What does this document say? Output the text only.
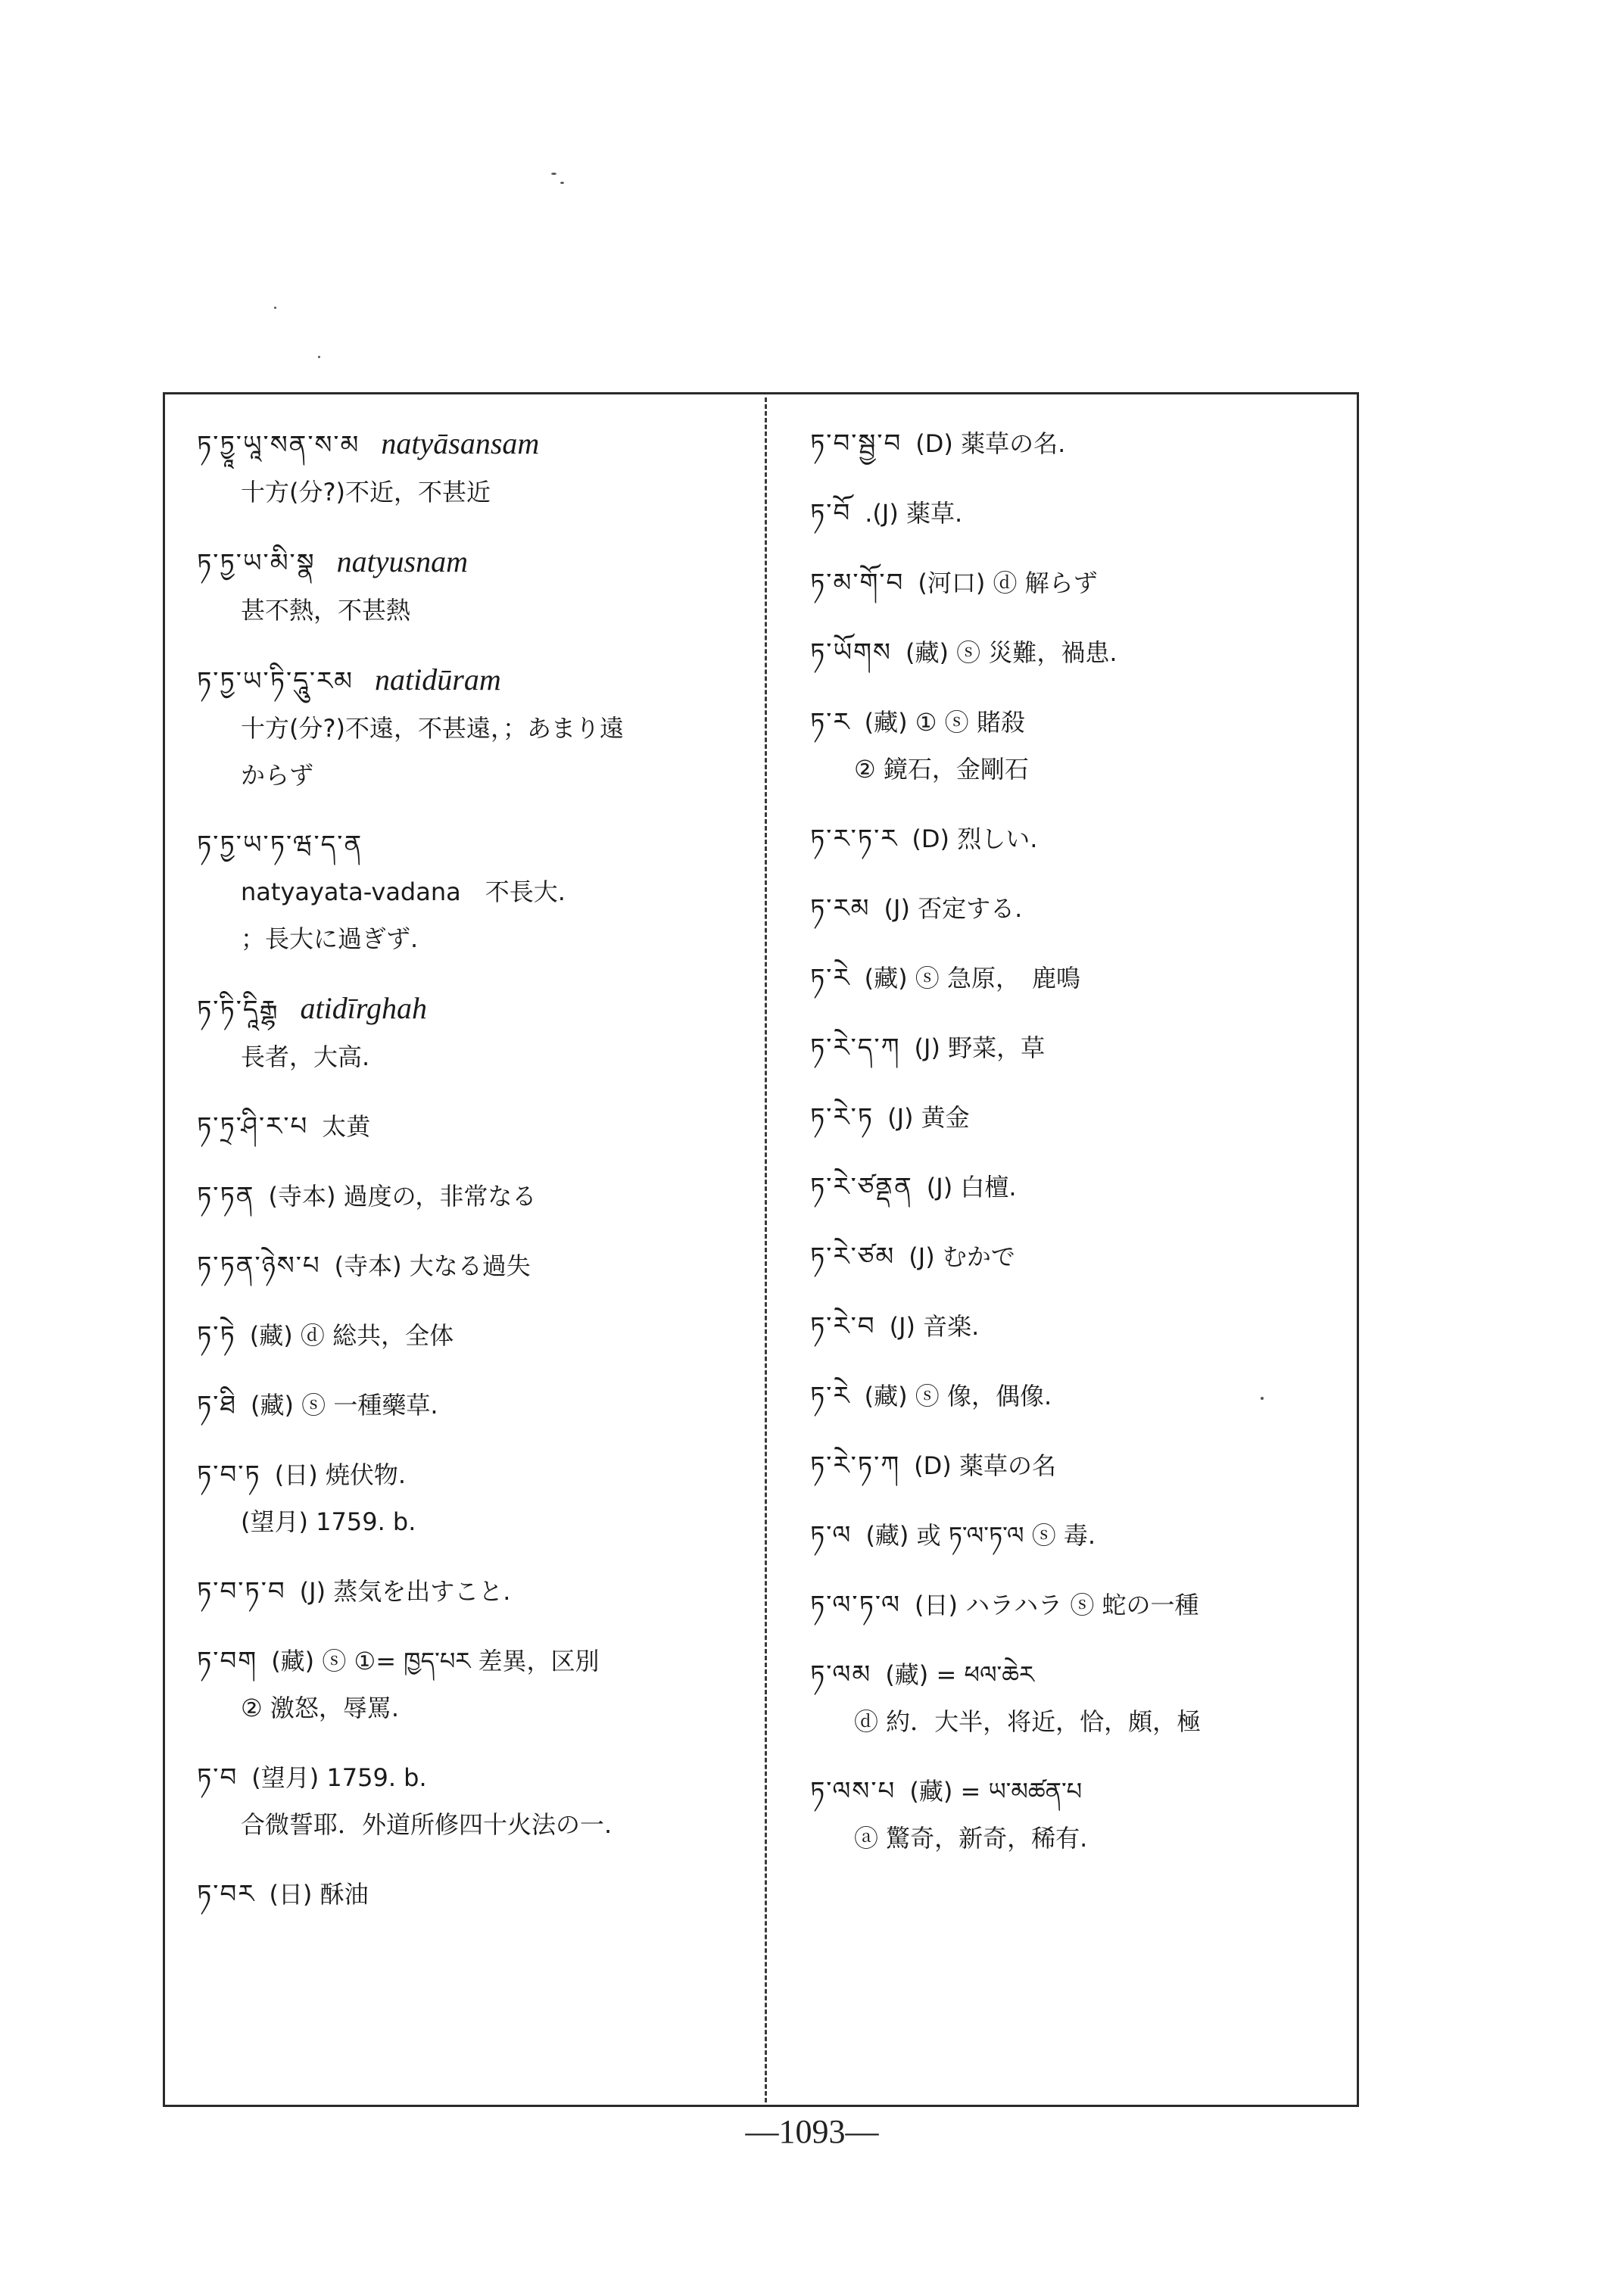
ཏ་ཏྱཱ་ཡཱ་སན་ས་མ natyāsansam
十方(分?)不近，不甚近
ཏ་ཏྱ་ཡ་མི་སྣ natyusnam
甚不熱，不甚熱
ཏ་ཏྱ་ཡ་ཏི་དཱུ་རམ natidūram
十方(分?)不遠，不甚遠，；あまり遠
からず
ཏ་ཏྱ་ཡ་ཏ་ཝ་ད་ན
natyayata-vadana　不長大.
；長大に過ぎず.
ཏ་ཏི་དཱིརྒྷ atidīrghah
長者，大高.
ཏ་ཏྲ་ཤི་ར་པ 太黄
ཏ་ཏན (寺本) 過度の，非常なる
ཏ་ཏན་ཉེས་པ (寺本) 大なる過失
ཏ་ཏེ (藏) ⓓ 総共，全体
ཏ་ཐི (藏) ⓢ 一種藥草.
ཏ་བ་ཏ (日) 焼伏物.
(望月) 1759. b.
ཏ་བ་ཏ་བ (J) 蒸気を出すこと.
ཏ་བག (藏) ⓢ ①= ཁྱད་པར 差異，区別
② 激怒，辱罵.
ཏ་བ (望月) 1759. b.
合微誓耶．外道所修四十火法の一.
ཏ་བར (日) 酥油
ཏ་བ་སྦྱ་བ (D) 薬草の名.
ཏ་བོ .(J) 薬草.
ཏ་མ་གོ་བ (河口) ⓓ 解らず
ཏ་ཡོགས (藏) ⓢ 災難，禍患.
ཏ་ར (藏) ① ⓢ 賭殺
② 鏡石，金剛石
ཏ་ར་ཏ་ར (D) 烈しい.
ཏ་རམ (J) 否定する.
ཏ་རེ (藏) ⓢ 急原，　鹿鳴
ཏ་རེ་ད་ཀ (J) 野菜，草
ཏ་རེ་ཏ (J) 黄金
ཏ་རེ་ཙནྡན (J) 白檀.
ཏ་རེ་ཙམ (J) むかで
ཏ་རེ་བ (J) 音楽.
ཏ་རེ (藏) ⓢ 像，偶像.
ཏ་རེ་ཏ་ཀ (D) 薬草の名
ཏ་ལ (藏) 或 ཏ་ལ་ཏ་ལ ⓢ 毒.
ཏ་ལ་ཏ་ལ (日) ハラハラ ⓢ 蛇の一種
ཏ་ལམ (藏) = ཕལ་ཆེར
ⓓ 約．大半，将近，恰，頗，極
ཏ་ལས་པ (藏) = ཡ་མཚན་པ
ⓐ 驚奇，新奇，稀有.
—1093—
